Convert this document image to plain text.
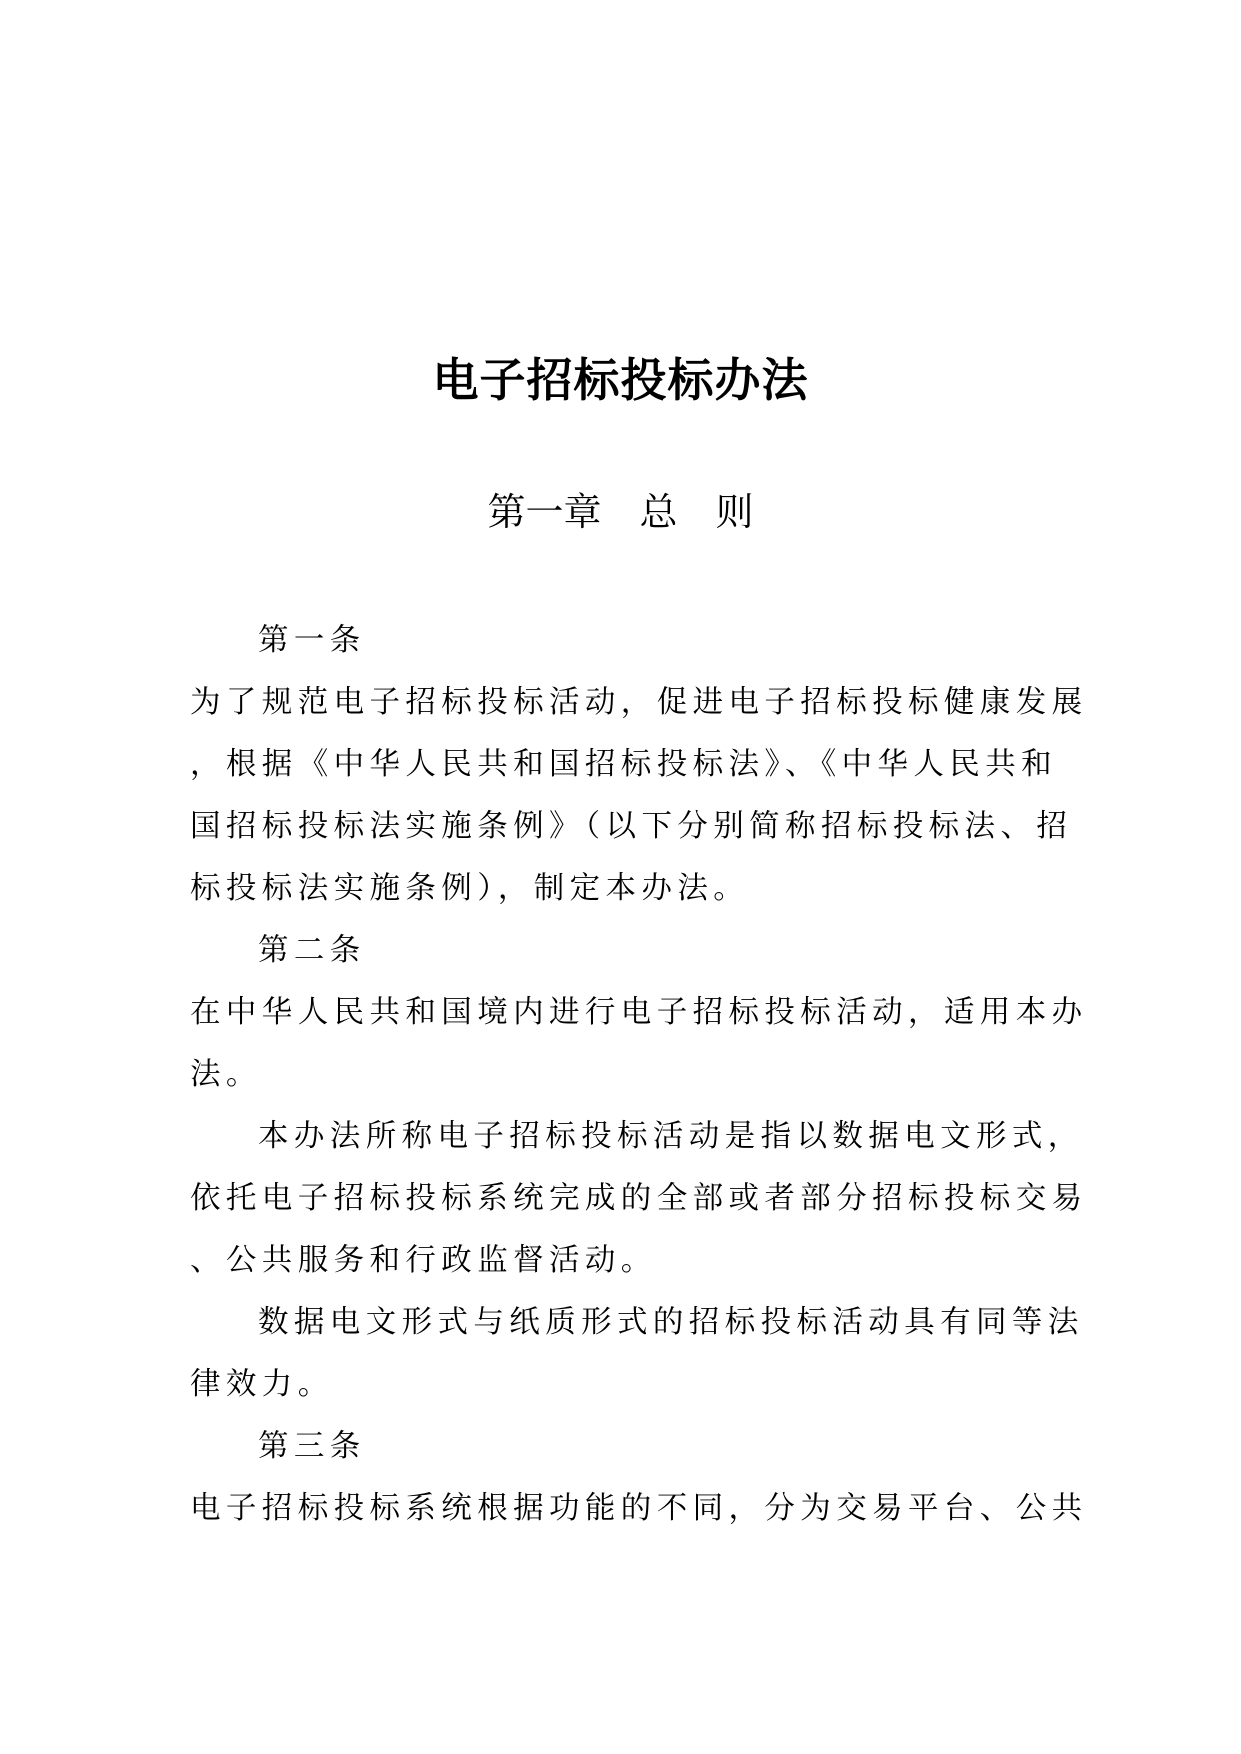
电子招标投标办法
第一章　总　则
第一条
为了规范电子招标投标活动，促进电子招标投标健康发展
，根据《中华人民共和国招标投标法》、《中华人民共和
国招标投标法实施条例》（以下分别简称招标投标法、招
标投标法实施条例），制定本办法。
第二条
在中华人民共和国境内进行电子招标投标活动，适用本办
法。
本办法所称电子招标投标活动是指以数据电文形式，
依托电子招标投标系统完成的全部或者部分招标投标交易
、公共服务和行政监督活动。
数据电文形式与纸质形式的招标投标活动具有同等法
律效力。
第三条
电子招标投标系统根据功能的不同，分为交易平台、公共
